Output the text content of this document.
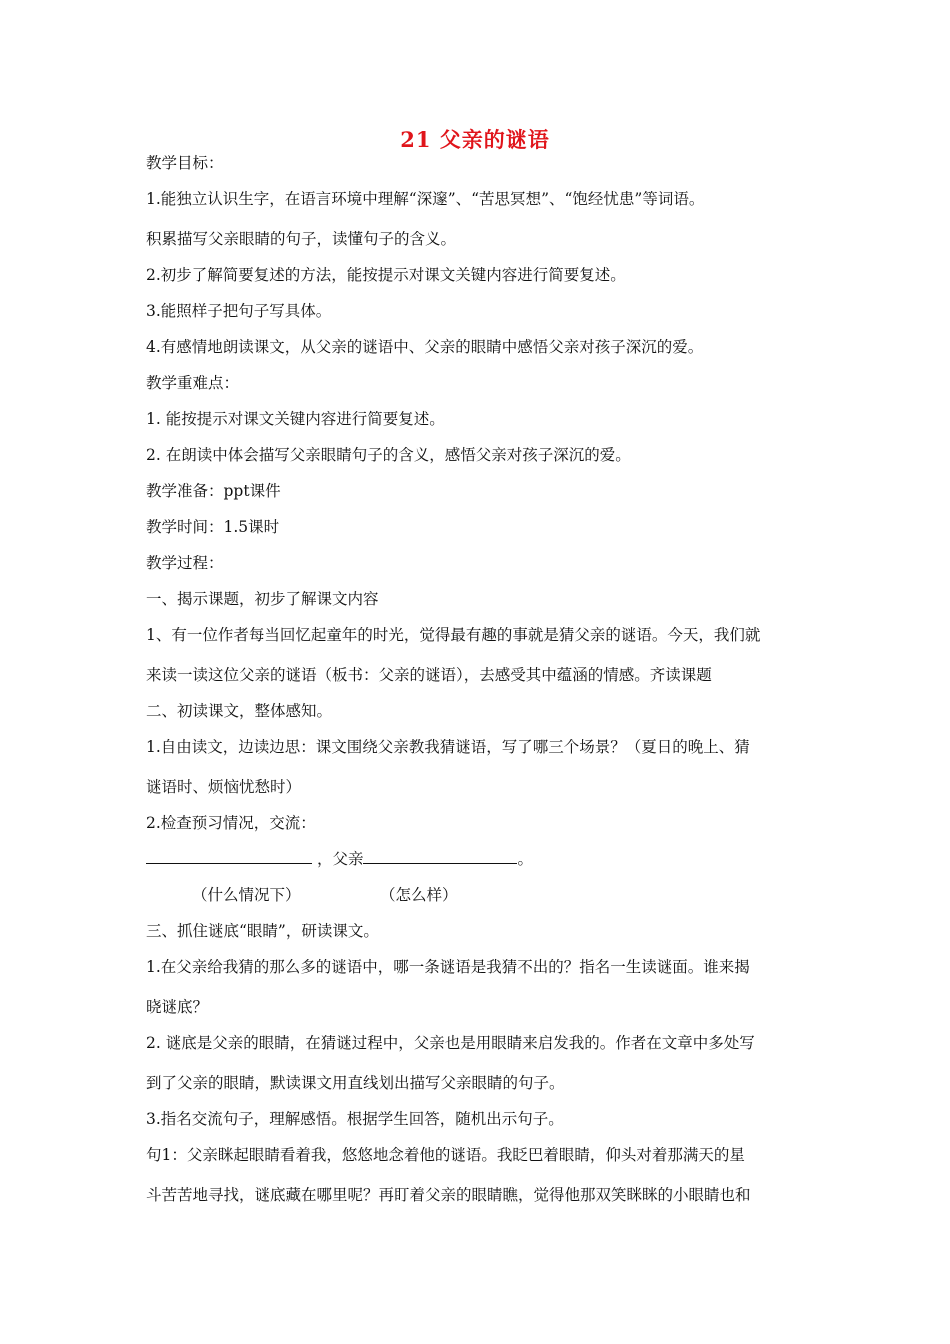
21 父亲的谜语
教学目标：
1.能独立认识生字，在语言环境中理解“深邃”、“苦思冥想”、“饱经忧患”等词语。
积累描写父亲眼睛的句子，读懂句子的含义。
2.初步了解简要复述的方法，能按提示对课文关键内容进行简要复述。
3.能照样子把句子写具体。
4.有感情地朗读课文，从父亲的谜语中、父亲的眼睛中感悟父亲对孩子深沉的爱。
教学重难点：
1. 能按提示对课文关键内容进行简要复述。
2. 在朗读中体会描写父亲眼睛句子的含义，感悟父亲对孩子深沉的爱。
教学准备：ppt课件
教学时间：1.5课时
教学过程：
一、揭示课题，初步了解课文内容
1、有一位作者每当回忆起童年的时光，觉得最有趣的事就是猜父亲的谜语。今天，我们就
来读一读这位父亲的谜语（板书：父亲的谜语），去感受其中蕴涵的情感。齐读课题
二、初读课文，整体感知。
1.自由读文，边读边思：课文围绕父亲教我猜谜语，写了哪三个场景？（夏日的晚上、猜
谜语时、烦恼忧愁时）
2.检查预习情况，交流：
，父亲	。
（什么情况下）	（怎么样）
三、抓住谜底“眼睛”，研读课文。
1.在父亲给我猜的那么多的谜语中，哪一条谜语是我猜不出的？指名一生读谜面。谁来揭
晓谜底？
2. 谜底是父亲的眼睛，在猜谜过程中，父亲也是用眼睛来启发我的。作者在文章中多处写
到了父亲的眼睛，默读课文用直线划出描写父亲眼睛的句子。
3.指名交流句子，理解感悟。根据学生回答，随机出示句子。
句1：父亲眯起眼睛看着我，悠悠地念着他的谜语。我眨巴着眼睛，仰头对着那满天的星
斗苦苦地寻找，谜底藏在哪里呢？再盯着父亲的眼睛瞧，觉得他那双笑眯眯的小眼睛也和
